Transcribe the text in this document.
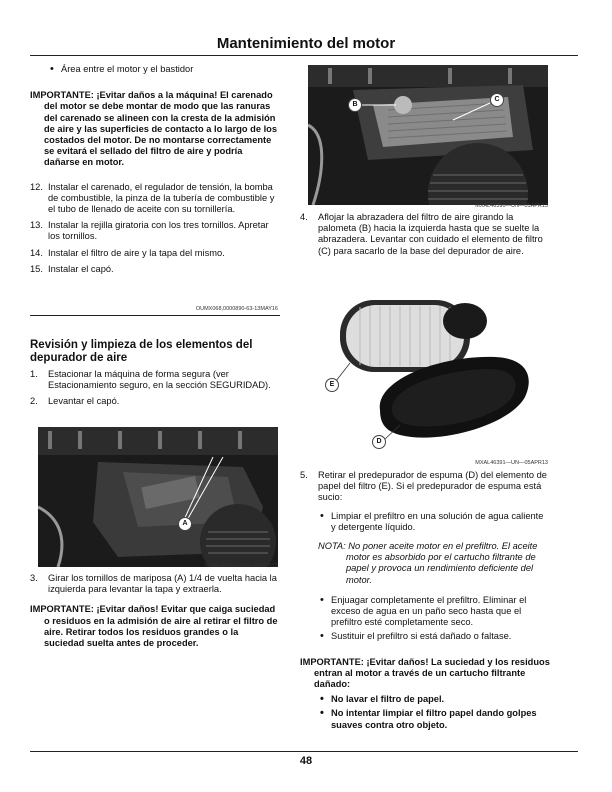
Mantenimiento del motor
• Área entre el motor y el bastidor
IMPORTANTE: ¡Evitar daños a la máquina! El carenado del motor se debe montar de modo que las ranuras del carenado se alineen con la cresta de la admisión de aire y las superficies de contacto a lo largo de los costados del motor. De no montarse correctamente se evitará el sellado del filtro de aire y podría dañarse en motor.
12. Instalar el carenado, el regulador de tensión, la bomba de combustible, la pinza de la tubería de combustible y el tubo de llenado de aceite con su tornillería.
13. Instalar la rejilla giratoria con los tres tornillos. Apretar los tornillos.
14. Instalar el filtro de aire y la tapa del mismo.
15. Instalar el capó.
OUMX068,0000890-63-13MAY16
Revisión y limpieza de los elementos del depurador de aire
1. Estacionar la máquina de forma segura (ver Estacionamiento seguro, en la sección SEGURIDAD).
2. Levantar el capó.
A
MXAL46389—UN—05APR13
3. Girar los tornillos de mariposa (A) 1/4 de vuelta hacia la izquierda para levantar la tapa y extraerla.
IMPORTANTE: ¡Evitar daños! Evitar que caiga suciedad o residuos en la admisión de aire al retirar el filtro de aire. Retirar todos los residuos grandes o la suciedad suelta antes de proceder.
B
C
MXAL46390—UN—05APR13
4. Aflojar la abrazadera del filtro de aire girando la palometa (B) hacia la izquierda hasta que se suelte la abrazadera. Levantar con cuidado el elemento de filtro (C) para sacarlo de la base del depurador de aire.
E
D
MXAL46391—UN—05APR13
5. Retirar el predepurador de espuma (D) del elemento de papel del filtro (E). Si el predepurador de espuma está sucio:
• Limpiar el prefiltro en una solución de agua caliente y detergente líquido.
NOTA: No poner aceite motor en el prefiltro. El aceite motor es absorbido por el cartucho filtrante de papel y provoca un rendimiento deficiente del motor.
• Enjuagar completamente el prefiltro. Eliminar el exceso de agua en un paño seco hasta que el prefiltro esté completamente seco.
• Sustituir el prefiltro si está dañado o faltase.
IMPORTANTE: ¡Evitar daños! La suciedad y los residuos entran al motor a través de un cartucho filtrante dañado:
• No lavar el filtro de papel.
• No intentar limpiar el filtro papel dando golpes suaves contra otro objeto.
48
